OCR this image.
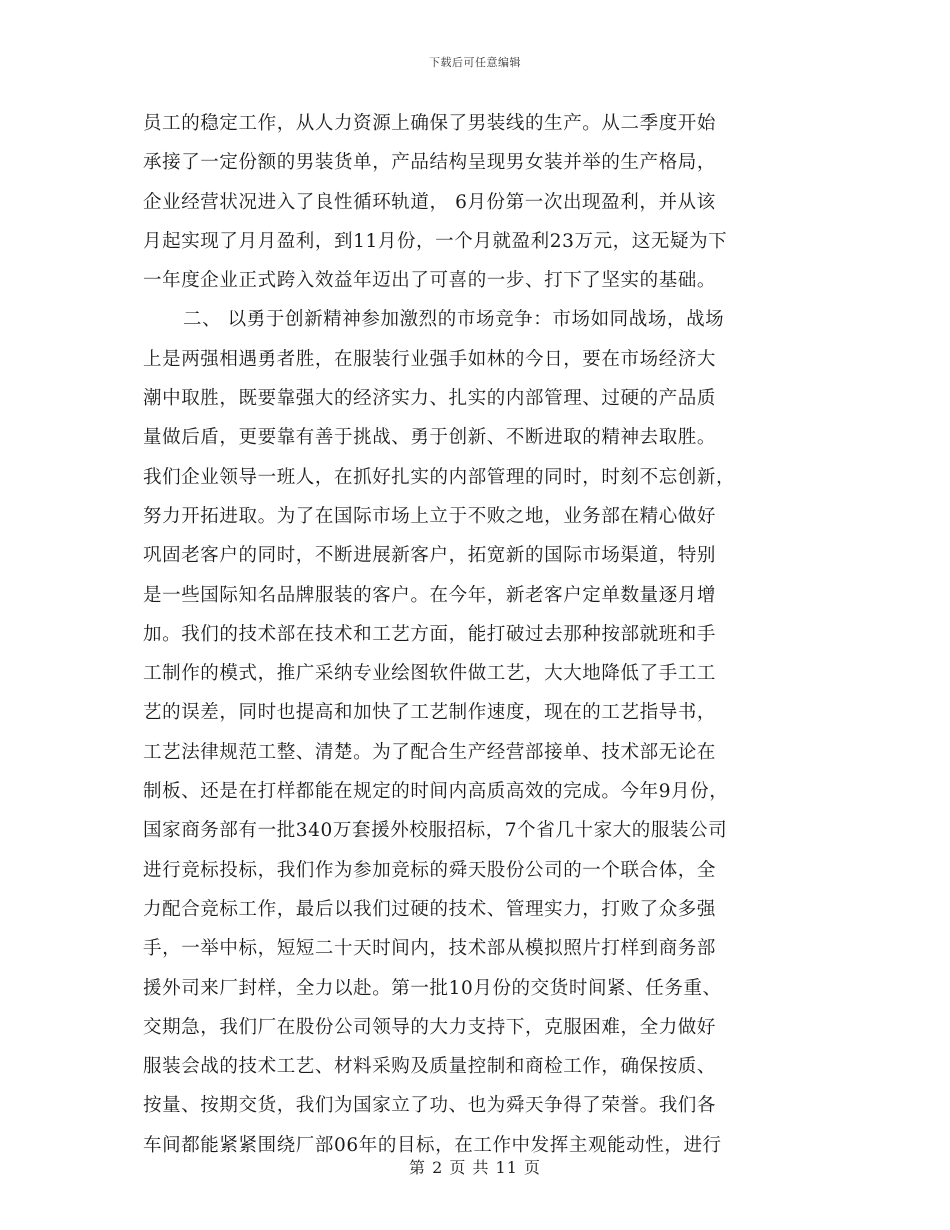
下载后可任意编辑
员工的稳定工作，从人力资源上确保了男装线的生产。从二季度开始
承接了一定份额的男装货单，产品结构呈现男女装并举的生产格局，
企业经营状况进入了良性循环轨道， 6月份第一次出现盈利，并从该
月起实现了月月盈利，到11月份，一个月就盈利23万元，这无疑为下
一年度企业正式跨入效益年迈出了可喜的一步、打下了坚实的基础。
二、 以勇于创新精神参加激烈的市场竞争：市场如同战场，战场
上是两强相遇勇者胜，在服装行业强手如林的今日，要在市场经济大
潮中取胜，既要靠强大的经济实力、扎实的内部管理、过硬的产品质
量做后盾，更要靠有善于挑战、勇于创新、不断进取的精神去取胜。
我们企业领导一班人，在抓好扎实的内部管理的同时，时刻不忘创新，
努力开拓进取。为了在国际市场上立于不败之地，业务部在精心做好
巩固老客户的同时，不断进展新客户，拓宽新的国际市场渠道，特别
是一些国际知名品牌服装的客户。在今年，新老客户定单数量逐月增
加。我们的技术部在技术和工艺方面，能打破过去那种按部就班和手
工制作的模式，推广采纳专业绘图软件做工艺，大大地降低了手工工
艺的误差，同时也提高和加快了工艺制作速度，现在的工艺指导书，
工艺法律规范工整、清楚。为了配合生产经营部接单、技术部无论在
制板、还是在打样都能在规定的时间内高质高效的完成。今年9月份，
国家商务部有一批340万套援外校服招标，7个省几十家大的服装公司
进行竞标投标，我们作为参加竞标的舜天股份公司的一个联合体，全
力配合竞标工作，最后以我们过硬的技术、管理实力，打败了众多强
手，一举中标，短短二十天时间内，技术部从模拟照片打样到商务部
援外司来厂封样，全力以赴。第一批10月份的交货时间紧、任务重、
交期急，我们厂在股份公司领导的大力支持下，克服困难，全力做好
服装会战的技术工艺、材料采购及质量控制和商检工作，确保按质、
按量、按期交货，我们为国家立了功、也为舜天争得了荣誉。我们各
车间都能紧紧围绕厂部06年的目标，在工作中发挥主观能动性，进行
第 2 页 共 11 页
